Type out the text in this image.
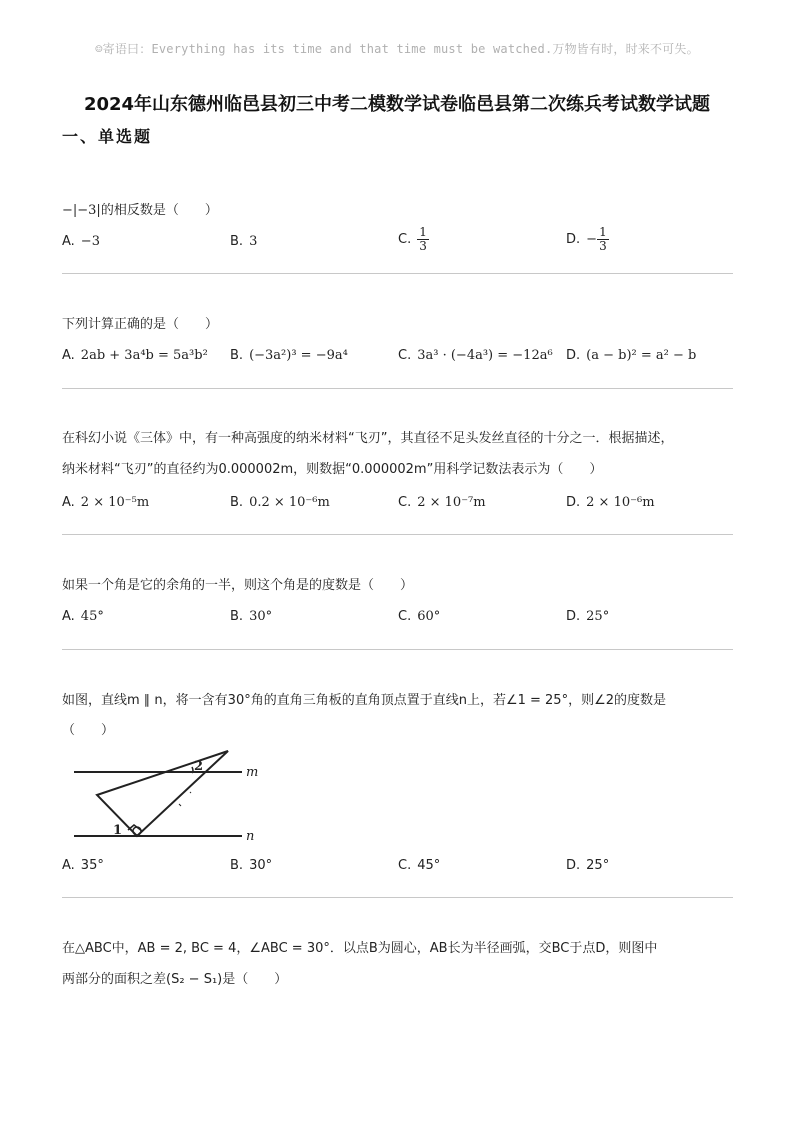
☺寄语曰：Everything has its time and that time must be watched.万物皆有时，时来不可失。
2024年山东德州临邑县初三中考二模数学试卷临邑县第二次练兵考试数学试题
一、单选题
−|−3|的相反数是（　　）
A. −3	B. 3	C. $\frac{1}{3}$	D. − $\frac{1}{3}$
下列计算正确的是（　　）
A. 2ab + 3a⁴b = 5a³b² B. (−3a²)³ = −9a⁴	C. 3a³ · (−4a³) = −12a⁶ D. (a − b)² = a² − b
在科幻小说《三体》中，有一种高强度的纳米材料“飞刃”，其直径不足头发丝直径的十分之一．根据描述，
纳米材料“飞刃”的直径约为0.000002m，则数据“0.000002m”用科学记数法表示为（　　）
A. 2 × 10⁻⁵m	B. 0.2 × 10⁻⁶m	C. 2 × 10⁻⁷m	D. 2 × 10⁻⁶m
如果一个角是它的余角的一半，则这个角是的度数是（　　）
A. 45°	B. 30°	C. 60°	D. 25°
如图，直线m ∥ n，将一含有30°角的直角三角板的直角顶点置于直线n上，若∠1 = 25°，则∠2的度数是
（　　）
m
n
1
2
A. 35°	B. 30°	C. 45°	D. 25°
在△ABC中，AB = 2, BC = 4，∠ABC = 30°．以点B为圆心，AB长为半径画弧，交BC于点D，则图中
两部分的面积之差(S₂ − S₁)是（　　）
